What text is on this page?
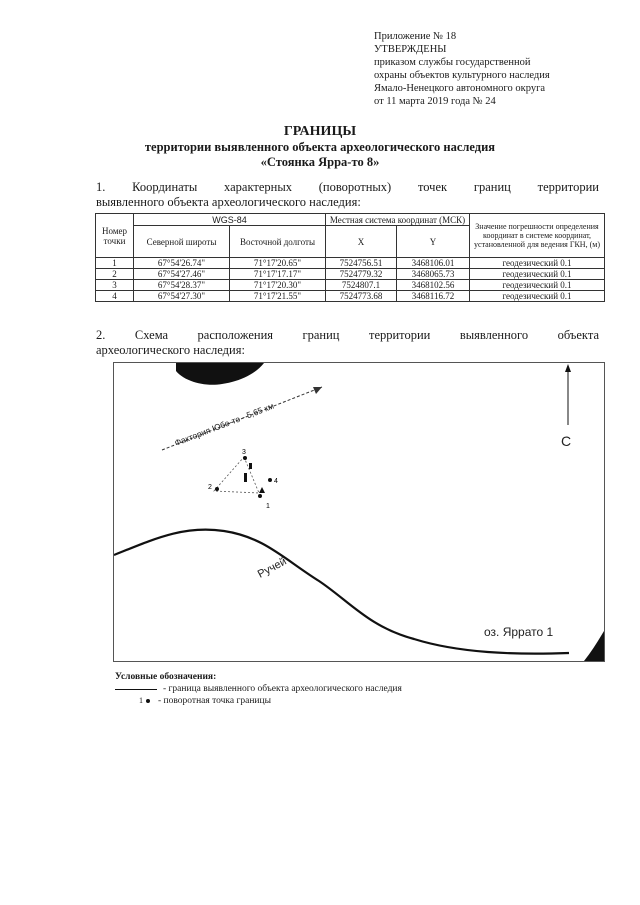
Приложение № 18
УТВЕРЖДЕНЫ
приказом службы государственной
охраны объектов культурного наследия
Ямало-Ненецкого автономного округа
от 11 марта 2019 года № 24
ГРАНИЦЫ
территории выявленного объекта археологического наследия
«Стоянка Ярра-то 8»
1. Координаты характерных (поворотных) точек границ территории
выявленного объекта археологического наследия:
Номер точки	WGS-84		Местная система координат (МСК)		Значение погрешности определения координат в системе координат, установленной для ведения ГКН, (м)
	Северной широты	Восточной долготы	X	Y	
1	67°54'26.74"	71°17'20.65"	7524756.51	3468106.01	геодезический 0.1
2	67°54'27.46"	71°17'17.17"	7524779.32	3468065.73	геодезический 0.1
3	67°54'28.37"	71°17'20.30"	7524807.1	3468102.56	геодезический 0.1
4	67°54'27.30"	71°17'21.55"	7524773.68	3468116.72	геодезический 0.1
2. Схема расположения границ территории выявленного объекта
археологического наследия:
1
2
3
4
Фактория Юбе-то - 5,65 км	С
Ручей
оз. Яррато 1
Условные обозначения:
- граница выявленного объекта археологического наследия
1 - поворотная точка границы
